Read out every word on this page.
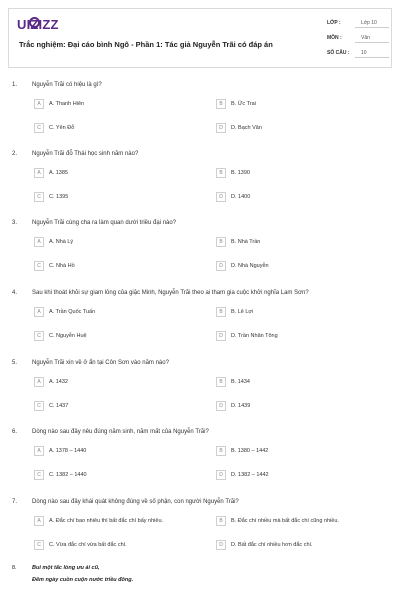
UIZIZZ
Trắc nghiệm: Đại cáo bình Ngô - Phần 1: Tác giả Nguyễn Trãi có đáp án
LỚP :	Lớp 10
MÔN :	Văn
SỐ CÂU :	10
1.	Nguyễn Trãi có hiệu là gì?
A	A. Thanh Hiên	B	B. Ức Trai
C	C. Yên Đỗ	D	D. Bạch Vân
2.	Nguyễn Trãi đỗ Thái học sinh năm nào?
A	A. 1385	B	B. 1390
C	C. 1395	D	D. 1400
3.	Nguyễn Trãi cùng cha ra làm quan dưới triều đại nào?
A	A. Nhà Lý	B	B. Nhà Trần
C	C. Nhà Hồ	D	D. Nhà Nguyễn
4.	Sau khi thoát khỏi sự giam lỏng của giặc Minh, Nguyễn Trãi theo ai tham gia cuộc khởi nghĩa Lam Sơn?
A	A. Trần Quốc Tuấn	B	B. Lê Lợi
C	C. Nguyễn Huệ	D	D. Trần Nhân Tông
5.	Nguyễn Trãi xin về ở ẩn tại Côn Sơn vào năm nào?
A	A. 1432	B	B. 1434
C	C. 1437	D	D. 1439
6.	Dòng nào sau đây nêu đúng năm sinh, năm mất của Nguyễn Trãi?
A	A. 1378 – 1440	B	B. 1380 – 1442
C	C. 1382 – 1440	D	D. 1382 – 1442
7.	Dòng nào sau đây khái quát không đúng về số phận, con người Nguyễn Trãi?
A	A. Đắc chí bao nhiêu thì bất đắc chí bấy nhiêu.	B	B. Đắc chí nhiều mà bất đắc chí cũng nhiều.
C	C. Vừa đắc chí vừa bất đắc chí.	D	D. Bất đắc chí nhiều hơn đắc chí.
8.	Bui một tấc lòng ưu ái cũ,
Đêm ngày cuồn cuộn nước triều đông.
